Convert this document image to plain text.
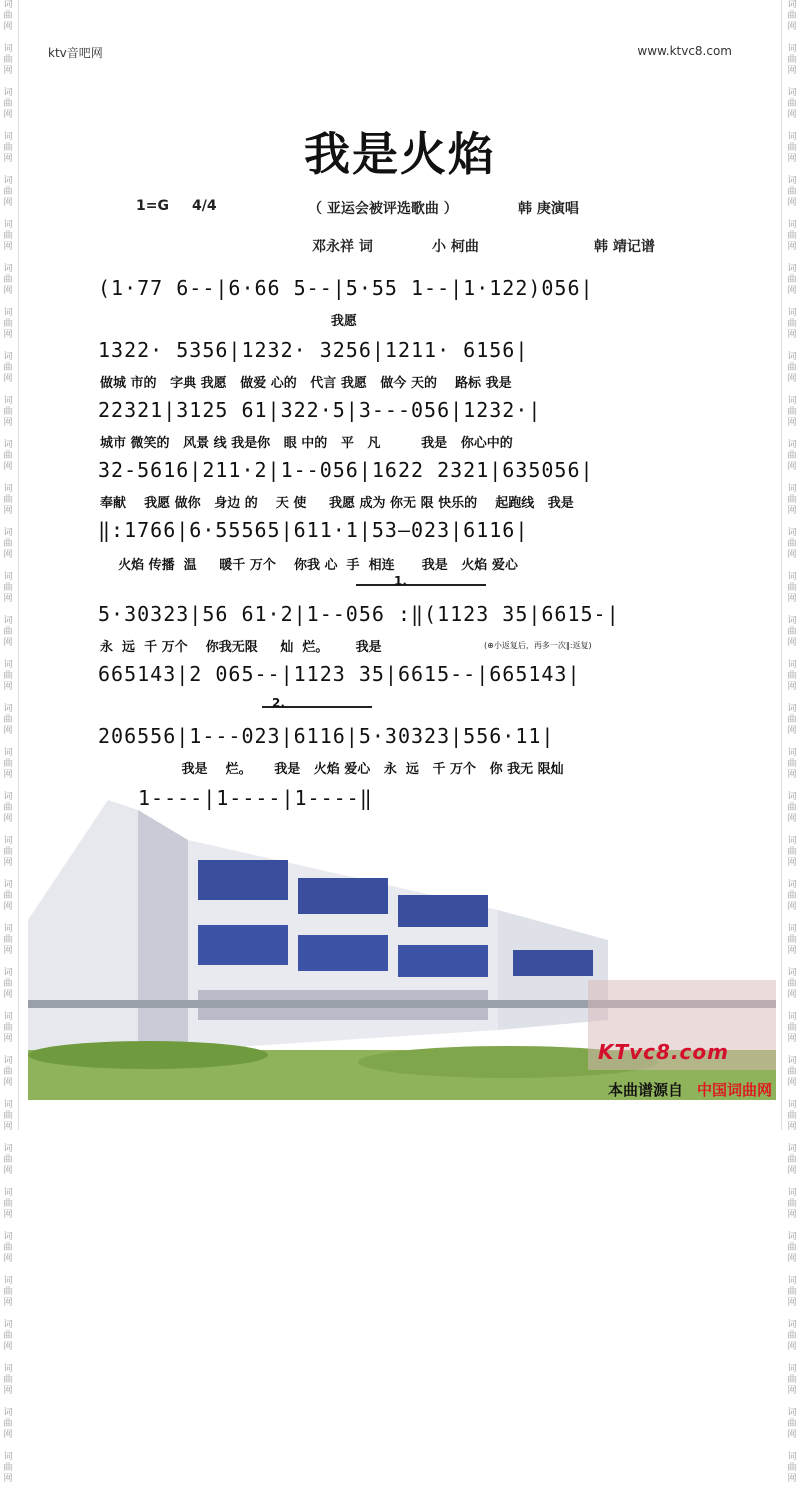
词
曲
网

词
曲
网

词
曲
网

词
曲
网

词
曲
网

词
曲
网

词
曲
网

词
曲
网

词
曲
网

词
曲
网

词
曲
网

词
曲
网

词
曲
网

词
曲
网

词
曲
网

词
曲
网

词
曲
网

词
曲
网

词
曲
网

词
曲
网

词
曲
网

词
曲
网

词
曲
网

词
曲
网

词
曲
网

词
曲
网

词
曲
网

词
曲
网

词
曲
网

词
曲
网

词
曲
网

词
曲
网

词
曲
网

词
曲
网

词
曲
网

词
曲
网

词
曲
网

词
曲
网

词
曲
网

词
曲
网

词
曲
网

词
曲
网

词
曲
网

词
曲
网

词
曲
网

词
曲
网

词
曲
网

词
曲
网

词
曲
网

词
曲
网

词
曲
网

词
曲
网

词
曲
网

词
曲
网

词
曲
网

词
曲
网

词
曲
网

词
曲
网

词
曲
网

词
曲
网

词
曲
网

词
曲
网

词
曲
网

词
曲
网

词
曲
网

词
曲
网

词
曲
网

词
曲
网

ktv音吧网	www.ktvc8.com
我是火焰
1=G 4/4	（ 亚运会被评选歌曲 ）	韩 庚演唱
邓永祥 词	小 柯曲	韩 靖记谱
(1·77 6--|6·66 5--|5·55 1--|1·122)056|
我愿
1322· 5356|1232· 3256|1211· 6156|
做城 市的   字典 我愿   做爱 心的   代言 我愿   做今 天的    路标 我是
22321|3125 61|322·5|3---056|1232·|
城市 微笑的   风景 线 我是你   眼 中的   平   凡         我是   你心中的
32-5616|211·2|1--056|1622 2321|635056|
奉献    我愿 做你   身边 的    天 使     我愿 成为 你无 限 快乐的    起跑线   我是
‖:1766|6·55565|611·1|53–023|6116|
火焰 传播  温     暖千 万个    你我 心  手  相连      我是   火焰 爱心
1.
5·30323|56 61·2|1--056 :‖(1123 35|6615-|
永  远  千 万个    你我无限     灿  烂。      我是	(⊕小返复后，再多一次‖:返复)
665143|2 065--|1123 35|6615--|665143|
2.
206556|1---023|6116|5·30323|556·11|
我是    烂。     我是   火焰 爱心   永  远   千 万个   你 我无 限灿
1----|1----|1----‖
KTvc8.com
本曲谱源自 中国词曲网
